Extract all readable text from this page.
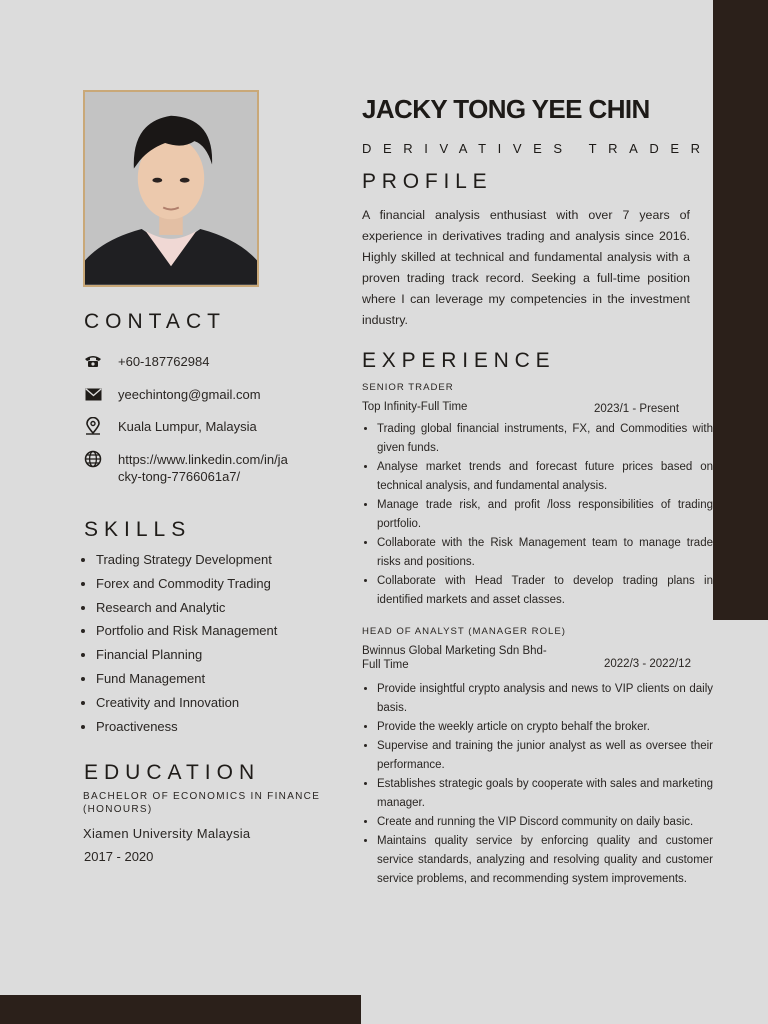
CONTACT
+60-187762984
yeechintong@gmail.com
Kuala Lumpur, Malaysia
https://www.linkedin.com/in/jacky-tong-7766061a7/
SKILLS
• Trading Strategy Development
• Forex and Commodity Trading
• Research and Analytic
• Portfolio and Risk Management
• Financial Planning
• Fund Management
• Creativity and Innovation
• Proactiveness
EDUCATION

BACHELOR OF ECONOMICS IN FINANCE (HONOURS)

Xiamen University Malaysia

2017 - 2020

JACKY TONG YEE CHIN

DERIVATIVES TRADER

PROFILE

A financial analysis enthusiast with over 7 years of experience in derivatives trading and analysis since 2016. Highly skilled at technical and fundamental analysis with a proven trading track record. Seeking a full-time position where I can leverage my competencies in the investment industry.

EXPERIENCE

SENIOR TRADER

Top Infinity-Full Time	2023/1 - Present

• Trading global financial instruments, FX, and Commodities with given funds.
• Analyse market trends and forecast future prices based on technical analysis, and fundamental analysis.
• Manage trade risk, and profit /loss responsibilities of trading portfolio.
• Collaborate with the Risk Management team to manage trade risks and positions.
• Collaborate with Head Trader to develop trading plans in identified markets and asset classes.

HEAD OF ANALYST (MANAGER ROLE)

Bwinnus Global Marketing Sdn Bhd-Full Time	2022/3 - 2022/12

• Provide insightful crypto analysis and news to VIP clients on daily basis.
• Provide the weekly article on crypto behalf the broker.
• Supervise and training the junior analyst as well as oversee their performance.
• Establishes strategic goals by cooperate with sales and marketing manager.
• Create and running the VIP Discord community on daily basic.
• Maintains quality service by enforcing quality and customer service standards, analyzing and resolving quality and customer service problems, and recommending system improvements.
